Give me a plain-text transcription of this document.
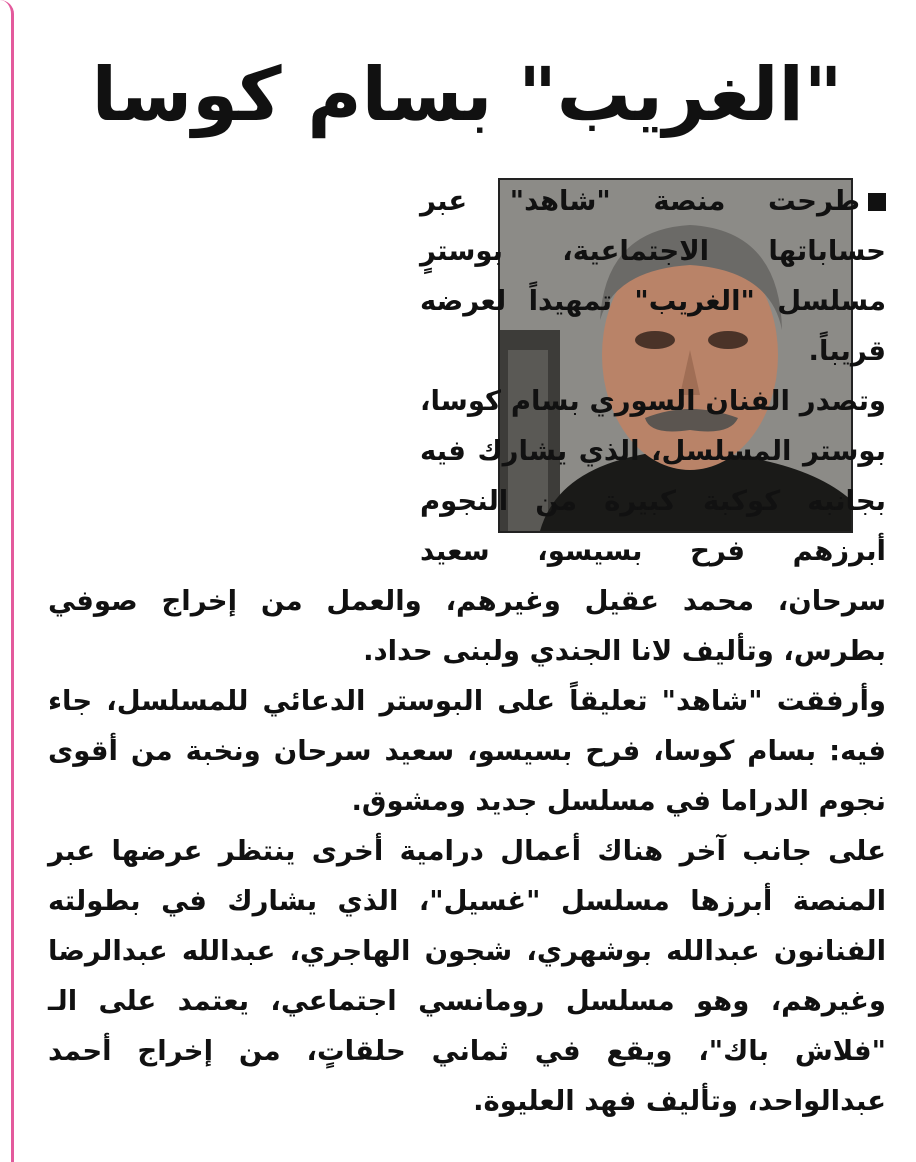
"الغريب" بسام كوسا

طرحت منصة "شاهد" عبر حساباتها الاجتماعية، بوسترٍ مسلسل "الغريب" تمهيداً لعرضه قريباً.

وتصدر الفنان السوري بسام كوسا، بوستر المسلسل، الذي يشارك فيه بجانبه كوكبة كبيرة من النجوم أبرزهم فرح بسيسو، سعيد سرحان، محمد عقيل وغيرهم، والعمل من إخراج صوفي بطرس، وتأليف لانا الجندي ولبنى حداد.

وأرفقت "شاهد" تعليقاً على البوستر الدعائي للمسلسل، جاء فيه: بسام كوسا، فرح بسيسو، سعيد سرحان ونخبة من أقوى نجوم الدراما في مسلسل جديد ومشوق.

على جانب آخر هناك أعمال درامية أخرى ينتظر عرضها عبر المنصة أبرزها مسلسل "غسيل"، الذي يشارك في بطولته الفنانون عبدالله بوشهري، شجون الهاجري، عبدالله عبدالرضا وغيرهم، وهو مسلسل رومانسي اجتماعي، يعتمد على الـ "فلاش باك"، ويقع في ثماني حلقاتٍ، من إخراج أحمد عبدالواحد، وتأليف فهد العليوة.
